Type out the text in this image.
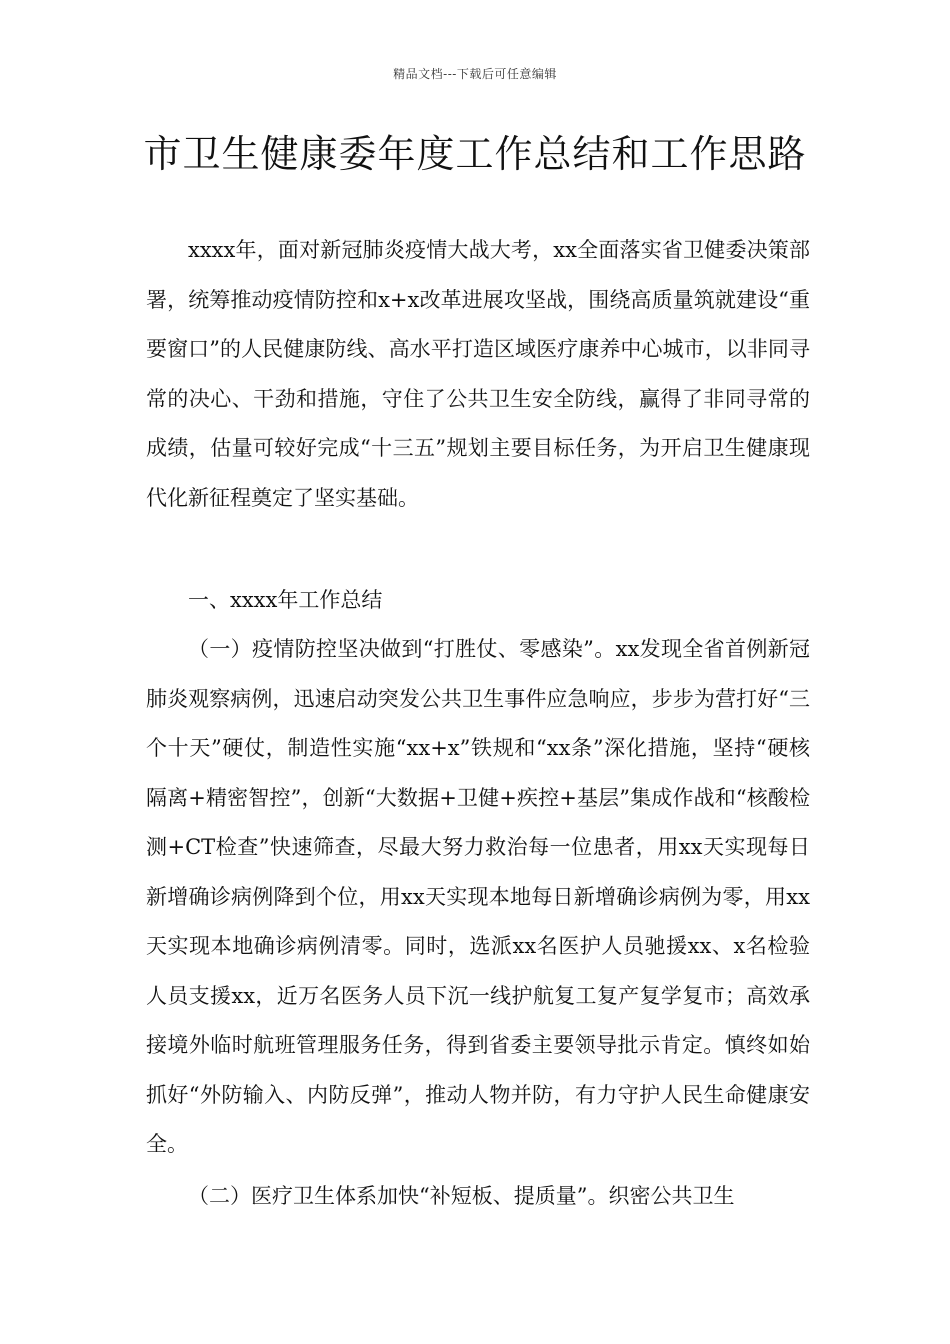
精品文档---下载后可任意编辑
市卫生健康委年度工作总结和工作思路

xxxx年，面对新冠肺炎疫情大战大考，xx全面落实省卫健委决策部署，统筹推动疫情防控和x+x改革进展攻坚战，围绕高质量筑就建设“重要窗口”的人民健康防线、高水平打造区域医疗康养中心城市，以非同寻常的决心、干劲和措施，守住了公共卫生安全防线，赢得了非同寻常的成绩，估量可较好完成“十三五”规划主要目标任务，为开启卫生健康现代化新征程奠定了坚实基础。

一、xxxx年工作总结

（一）疫情防控坚决做到“打胜仗、零感染”。xx发现全省首例新冠肺炎观察病例，迅速启动突发公共卫生事件应急响应，步步为营打好“三个十天”硬仗，制造性实施“xx+x”铁规和“xx条”深化措施，坚持“硬核隔离+精密智控”，创新“大数据+卫健+疾控+基层”集成作战和“核酸检测+CT检查”快速筛查，尽最大努力救治每一位患者，用xx天实现每日新增确诊病例降到个位，用xx天实现本地每日新增确诊病例为零，用xx天实现本地确诊病例清零。同时，选派xx名医护人员驰援xx、x名检验人员支援xx，近万名医务人员下沉一线护航复工复产复学复市；高效承接境外临时航班管理服务任务，得到省委主要领导批示肯定。慎终如始抓好“外防输入、内防反弹”，推动人物并防，有力守护人民生命健康安全。

（二）医疗卫生体系加快“补短板、提质量”。织密公共卫生
